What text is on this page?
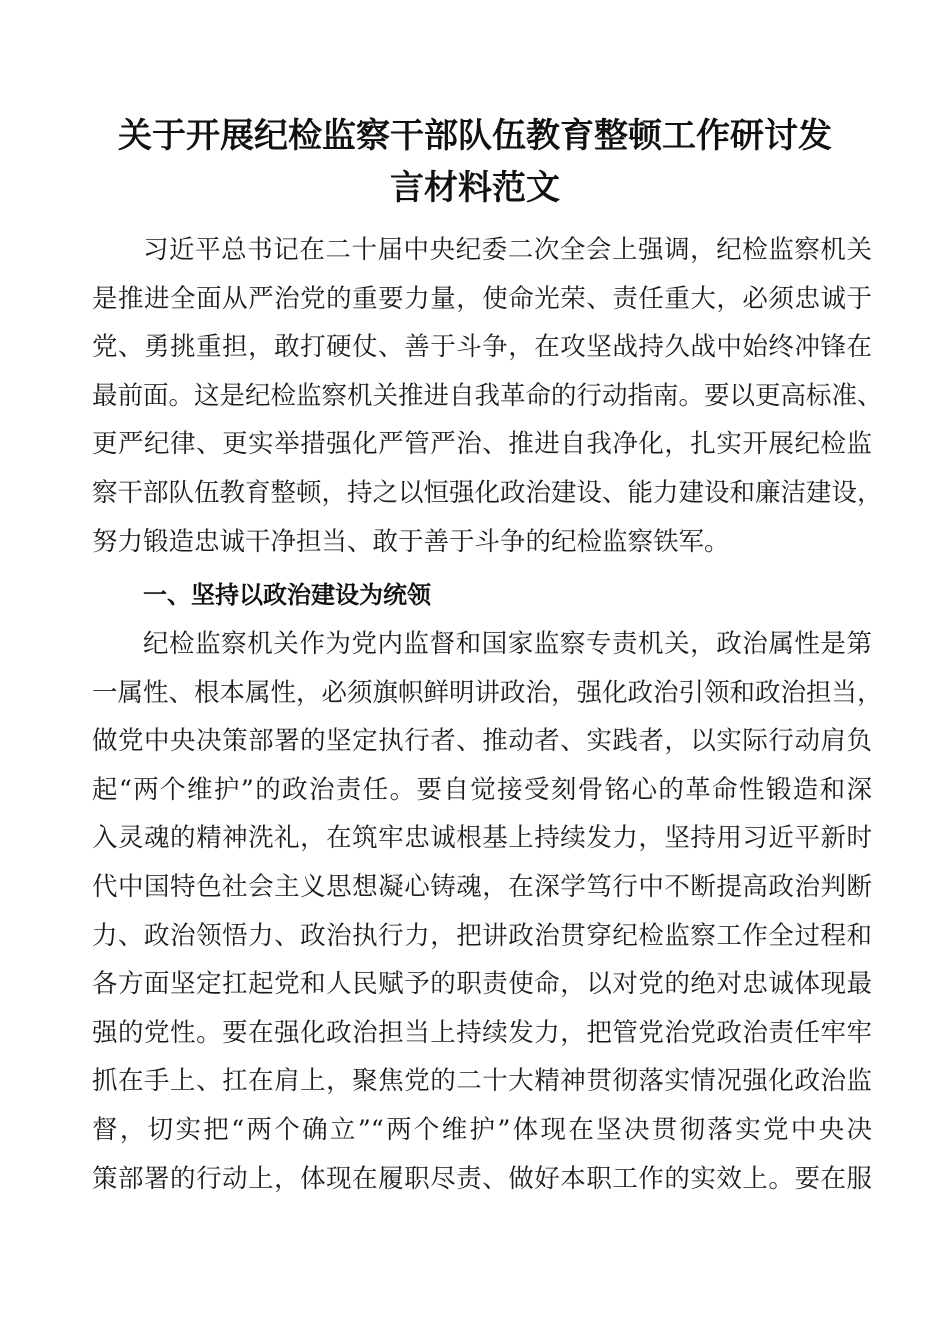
关于开展纪检监察干部队伍教育整顿工作研讨发
言材料范文
习近平总书记在二十届中央纪委二次全会上强调，纪检监察机关
是推进全面从严治党的重要力量，使命光荣、责任重大，必须忠诚于
党、勇挑重担，敢打硬仗、善于斗争，在攻坚战持久战中始终冲锋在
最前面。这是纪检监察机关推进自我革命的行动指南。要以更高标准、
更严纪律、更实举措强化严管严治、推进自我净化，扎实开展纪检监
察干部队伍教育整顿，持之以恒强化政治建设、能力建设和廉洁建设，
努力锻造忠诚干净担当、敢于善于斗争的纪检监察铁军。
一、坚持以政治建设为统领
纪检监察机关作为党内监督和国家监察专责机关，政治属性是第
一属性、根本属性，必须旗帜鲜明讲政治，强化政治引领和政治担当，
做党中央决策部署的坚定执行者、推动者、实践者，以实际行动肩负
起“两个维护”的政治责任。要自觉接受刻骨铭心的革命性锻造和深
入灵魂的精神洗礼，在筑牢忠诚根基上持续发力，坚持用习近平新时
代中国特色社会主义思想凝心铸魂，在深学笃行中不断提高政治判断
力、政治领悟力、政治执行力，把讲政治贯穿纪检监察工作全过程和
各方面坚定扛起党和人民赋予的职责使命，以对党的绝对忠诚体现最
强的党性。要在强化政治担当上持续发力，把管党治党政治责任牢牢
抓在手上、扛在肩上，聚焦党的二十大精神贯彻落实情况强化政治监
督，切实把“两个确立”“两个维护”体现在坚决贯彻落实党中央决
策部署的行动上，体现在履职尽责、做好本职工作的实效上。要在服
